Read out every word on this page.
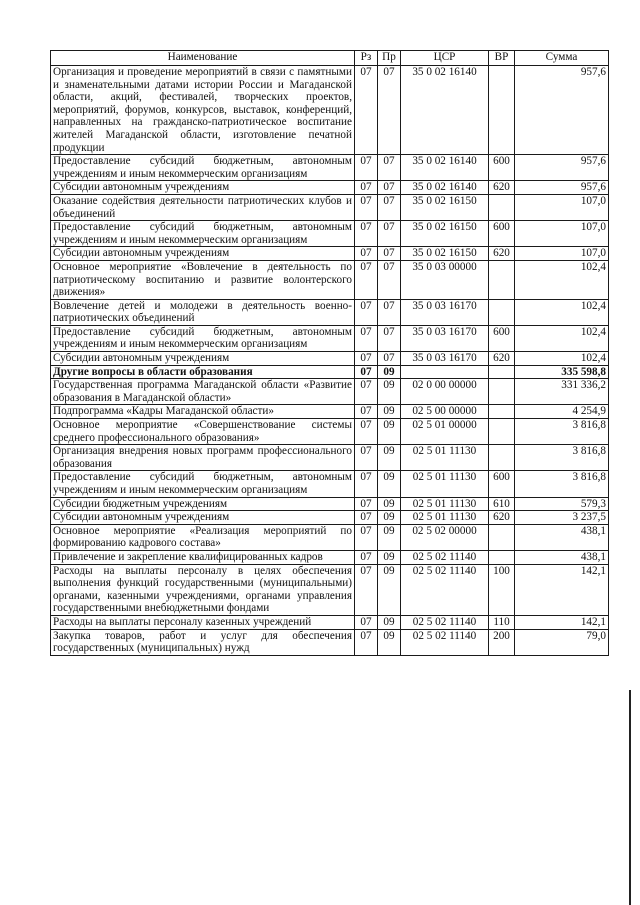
Наименование	Рз	Пр	ЦСР	ВР	Сумма
Организация и проведение мероприятий в связи с памятными и знаменательными датами истории России и Магаданской области, акций, фестивалей, творческих проектов, мероприятий, форумов, конкурсов, выставок, конференций, направленных на гражданско-патриотическое воспитание жителей Магаданской области, изготовление печатной продукции	07	07	35 0 02 16140		957,6
Предоставление субсидий бюджетным, автономным учреждениям и иным некоммерческим организациям	07	07	35 0 02 16140	600	957,6
Субсидии автономным учреждениям	07	07	35 0 02 16140	620	957,6
Оказание содействия деятельности патриотических клубов и объединений	07	07	35 0 02 16150		107,0
Предоставление субсидий бюджетным, автономным учреждениям и иным некоммерческим организациям	07	07	35 0 02 16150	600	107,0
Субсидии автономным учреждениям	07	07	35 0 02 16150	620	107,0
Основное мероприятие «Вовлечение в деятельность по патриотическому воспитанию и развитие волонтерского движения»	07	07	35 0 03 00000		102,4
Вовлечение детей и молодежи в деятельность военно-патриотических объединений	07	07	35 0 03 16170		102,4
Предоставление субсидий бюджетным, автономным учреждениям и иным некоммерческим организациям	07	07	35 0 03 16170	600	102,4
Субсидии автономным учреждениям	07	07	35 0 03 16170	620	102,4
Другие вопросы в области образования	07	09			335 598,8
Государственная программа Магаданской области «Развитие образования в Магаданской области»	07	09	02 0 00 00000		331 336,2
Подпрограмма «Кадры Магаданской области»	07	09	02 5 00 00000		4 254,9
Основное мероприятие «Совершенствование системы среднего профессионального образования»	07	09	02 5 01 00000		3 816,8
Организация внедрения новых программ профессионального образования	07	09	02 5 01 11130		3 816,8
Предоставление субсидий бюджетным, автономным учреждениям и иным некоммерческим организациям	07	09	02 5 01 11130	600	3 816,8
Субсидии бюджетным учреждениям	07	09	02 5 01 11130	610	579,3
Субсидии автономным учреждениям	07	09	02 5 01 11130	620	3 237,5
Основное мероприятие «Реализация мероприятий по формированию кадрового состава»	07	09	02 5 02 00000		438,1
Привлечение и закрепление квалифицированных кадров	07	09	02 5 02 11140		438,1
Расходы на выплаты персоналу в целях обеспечения выполнения функций государственными (муниципальными) органами, казенными учреждениями, органами управления государственными внебюджетными фондами	07	09	02 5 02 11140	100	142,1
Расходы на выплаты персоналу казенных учреждений	07	09	02 5 02 11140	110	142,1
Закупка товаров, работ и услуг для обеспечения государственных (муниципальных) нужд	07	09	02 5 02 11140	200	79,0
